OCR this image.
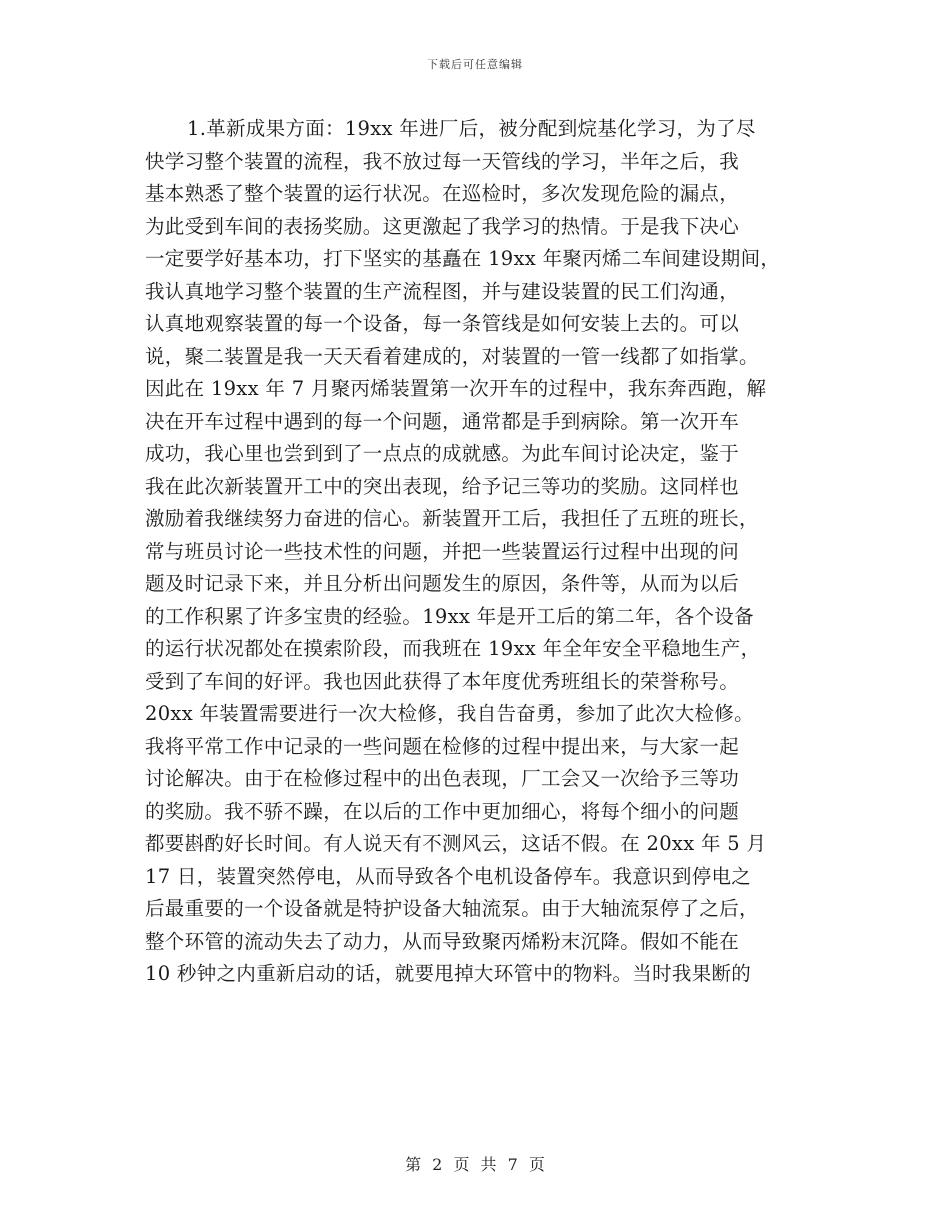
下载后可任意编辑
1.革新成果方面：19xx 年进厂后，被分配到烷基化学习，为了尽
快学习整个装置的流程，我不放过每一天管线的学习，半年之后，我
基本熟悉了整个装置的运行状况。在巡检时，多次发现危险的漏点，
为此受到车间的表扬奖励。这更激起了我学习的热情。于是我下决心
一定要学好基本功，打下坚实的基矗在 19xx 年聚丙烯二车间建设期间，
我认真地学习整个装置的生产流程图，并与建设装置的民工们沟通，
认真地观察装置的每一个设备，每一条管线是如何安装上去的。可以
说，聚二装置是我一天天看着建成的，对装置的一管一线都了如指掌。
因此在 19xx 年 7 月聚丙烯装置第一次开车的过程中，我东奔西跑，解
决在开车过程中遇到的每一个问题，通常都是手到病除。第一次开车
成功，我心里也尝到到了一点点的成就感。为此车间讨论决定，鉴于
我在此次新装置开工中的突出表现，给予记三等功的奖励。这同样也
激励着我继续努力奋进的信心。新装置开工后，我担任了五班的班长，
常与班员讨论一些技术性的问题，并把一些装置运行过程中出现的问
题及时记录下来，并且分析出问题发生的原因，条件等，从而为以后
的工作积累了许多宝贵的经验。19xx 年是开工后的第二年，各个设备
的运行状况都处在摸索阶段，而我班在 19xx 年全年安全平稳地生产，
受到了车间的好评。我也因此获得了本年度优秀班组长的荣誉称号。
20xx 年装置需要进行一次大检修，我自告奋勇，参加了此次大检修。
我将平常工作中记录的一些问题在检修的过程中提出来，与大家一起
讨论解决。由于在检修过程中的出色表现，厂工会又一次给予三等功
的奖励。我不骄不躁，在以后的工作中更加细心，将每个细小的问题
都要斟酌好长时间。有人说天有不测风云，这话不假。在 20xx 年 5 月
17 日，装置突然停电，从而导致各个电机设备停车。我意识到停电之
后最重要的一个设备就是特护设备大轴流泵。由于大轴流泵停了之后，
整个环管的流动失去了动力，从而导致聚丙烯粉末沉降。假如不能在
10 秒钟之内重新启动的话，就要甩掉大环管中的物料。当时我果断的
第 2 页 共 7 页
